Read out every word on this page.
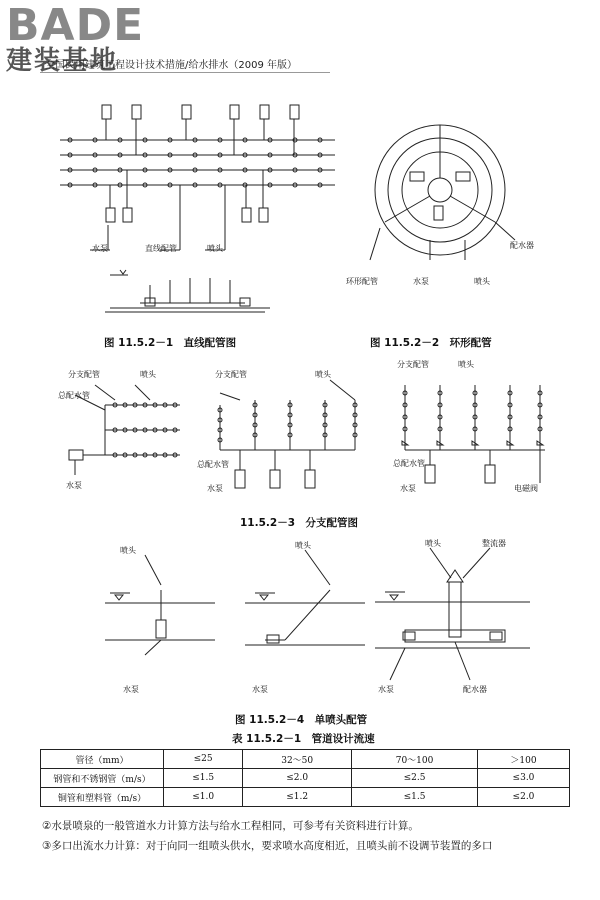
BADE
建装基地
全国民用建筑工程设计技术措施/给水排水（2009 年版）
水泵	直线配管	喷头
图 11.5.2－1　直线配管图
配水器
环形配管	水泵	喷头
图 11.5.2－2　环形配管
分支配管	喷头
总配水管
水泵
分支配管	喷头
总配水管
水泵
分支配管	喷头
总配水管
水泵	电磁阀
11.5.2－3　分支配管图
喷头
水泵
喷头
水泵
喷头	整流器
水泵	配水器
图 11.5.2－4　单喷头配管
表 11.5.2－1　管道设计流速
管径（mm）	≤25	32～50	70～100	＞100
钢管和不锈钢管（m/s）	≤1.5	≤2.0	≤2.5	≤3.0
铜管和塑料管（m/s）	≤1.0	≤1.2	≤1.5	≤2.0
②水景喷泉的一般管道水力计算方法与给水工程相同，可参考有关资料进行计算。
③多口出流水力计算：对于向同一组喷头供水，要求喷水高度相近，且喷头前不设调节装置的多口
